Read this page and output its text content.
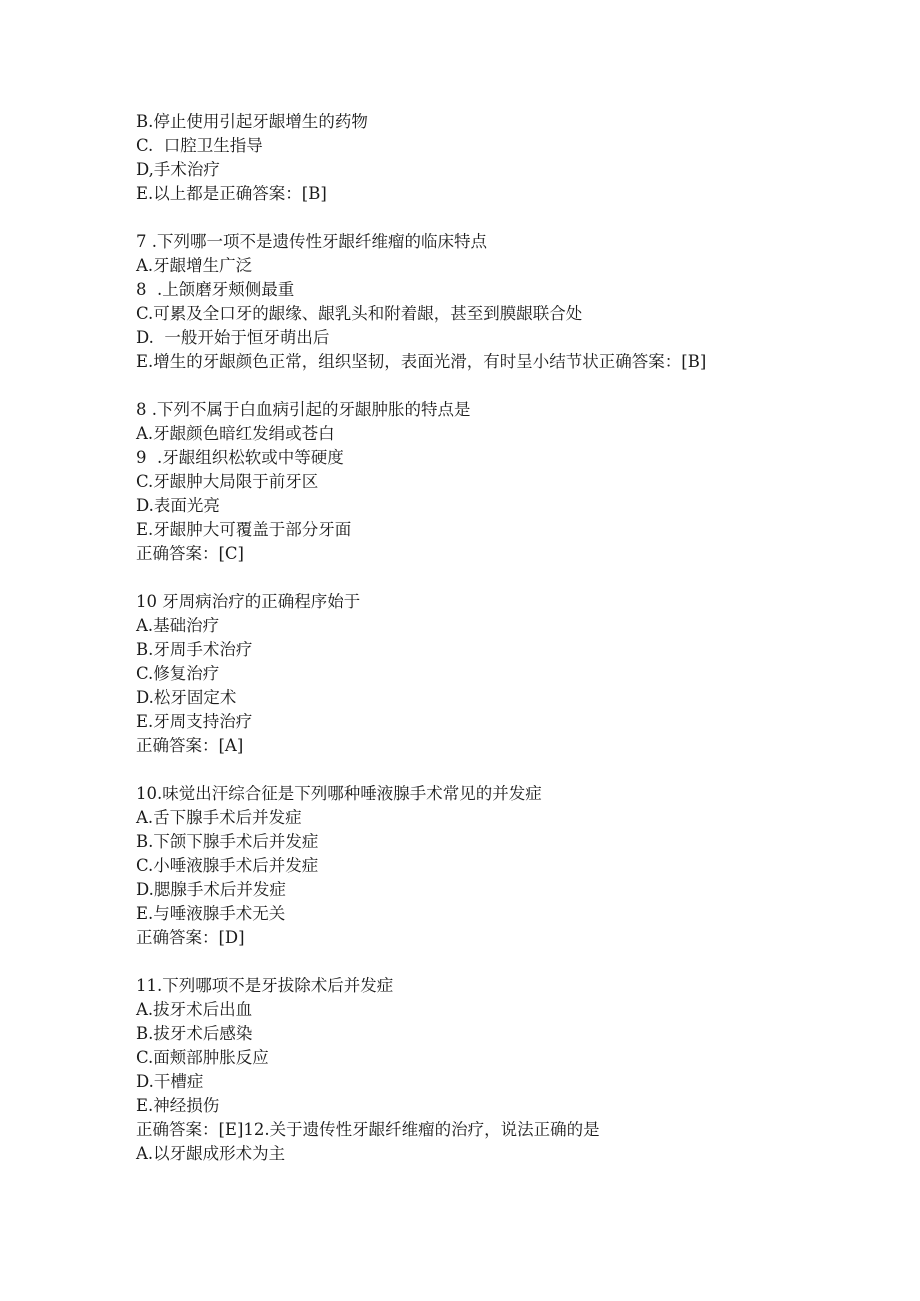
B.停止使用引起牙龈增生的药物
C.  口腔卫生指导
D,手术治疗
E.以上都是正确答案：[B]
7 .下列哪一项不是遗传性牙龈纤维瘤的临床特点
A.牙龈增生广泛
8  .上颌磨牙颊侧最重
C.可累及全口牙的龈缘、龈乳头和附着龈，甚至到膜龈联合处
D.  一般开始于恒牙萌出后
E.增生的牙龈颜色正常，组织坚韧，表面光滑，有时呈小结节状正确答案：[B]
8 .下列不属于白血病引起的牙龈肿胀的特点是
A.牙龈颜色暗红发绢或苍白
9  .牙龈组织松软或中等硬度
C.牙龈肿大局限于前牙区
D.表面光亮
E.牙龈肿大可覆盖于部分牙面
正确答案：[C]
10 牙周病治疗的正确程序始于
A.基础治疗
B.牙周手术治疗
C.修复治疗
D.松牙固定术
E.牙周支持治疗
正确答案：[A]
10.味觉出汗综合征是下列哪种唾液腺手术常见的并发症
A.舌下腺手术后并发症
B.下颌下腺手术后并发症
C.小唾液腺手术后并发症
D.腮腺手术后并发症
E.与唾液腺手术无关
正确答案：[D]
11.下列哪项不是牙拔除术后并发症
A.拔牙术后出血
B.拔牙术后感染
C.面颊部肿胀反应
D.干槽症
E.神经损伤
正确答案：[E]12.关于遗传性牙龈纤维瘤的治疗，说法正确的是
A.以牙龈成形术为主
